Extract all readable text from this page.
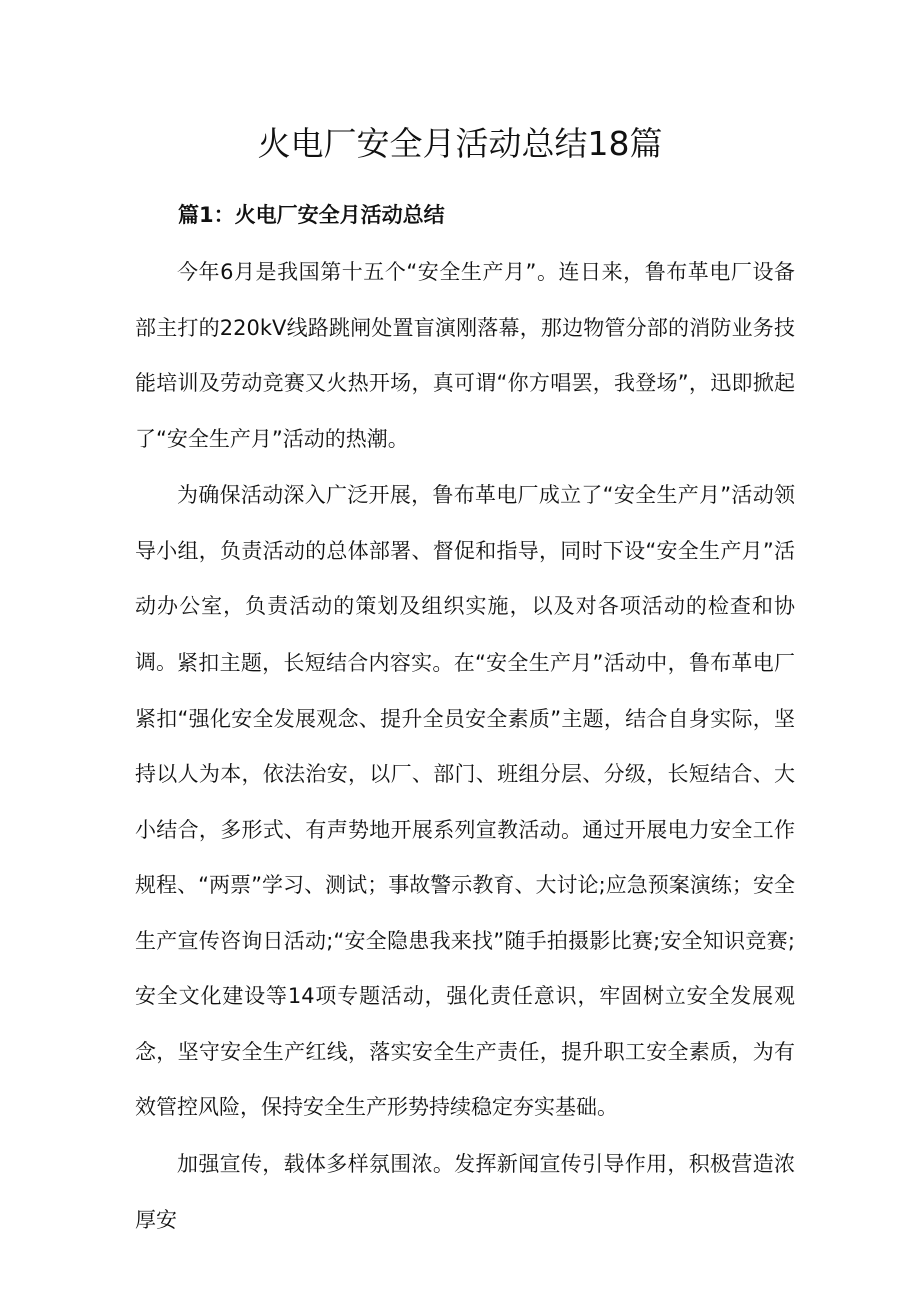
火电厂安全月活动总结18篇
篇1：火电厂安全月活动总结

今年6月是我国第十五个“安全生产月”。连日来，鲁布革电厂设备部主打的220kV线路跳闸处置盲演刚落幕，那边物管分部的消防业务技能培训及劳动竞赛又火热开场，真可谓“你方唱罢，我登场”，迅即掀起了“安全生产月”活动的热潮。

为确保活动深入广泛开展，鲁布革电厂成立了“安全生产月”活动领导小组，负责活动的总体部署、督促和指导，同时下设“安全生产月”活动办公室，负责活动的策划及组织实施，以及对各项活动的检查和协调。 紧扣主题，长短结合内容实。在“安全生产月”活动中，鲁布革电厂紧扣“强化安全发展观念、提升全员安全素质”主题，结合自身实际，坚持以人为本，依法治安，以厂、部门、班组分层、分级，长短结合、大小结合，多形式、有声势地开展系列宣教活动。通过开展电力安全工作规程、“两票”学习、测试；事故警示教育、大讨论;应急预案演练；安全生产宣传咨询日活动;“安全隐患我来找”随手拍摄影比赛;安全知识竞赛;安全文化建设等14项专题活动，强化责任意识，牢固树立安全发展观念，坚守安全生产红线，落实安全生产责任，提升职工安全素质，为有效管控风险，保持安全生产形势持续稳定夯实基础。

加强宣传，载体多样氛围浓。发挥新闻宣传引导作用，积极营造浓厚安
